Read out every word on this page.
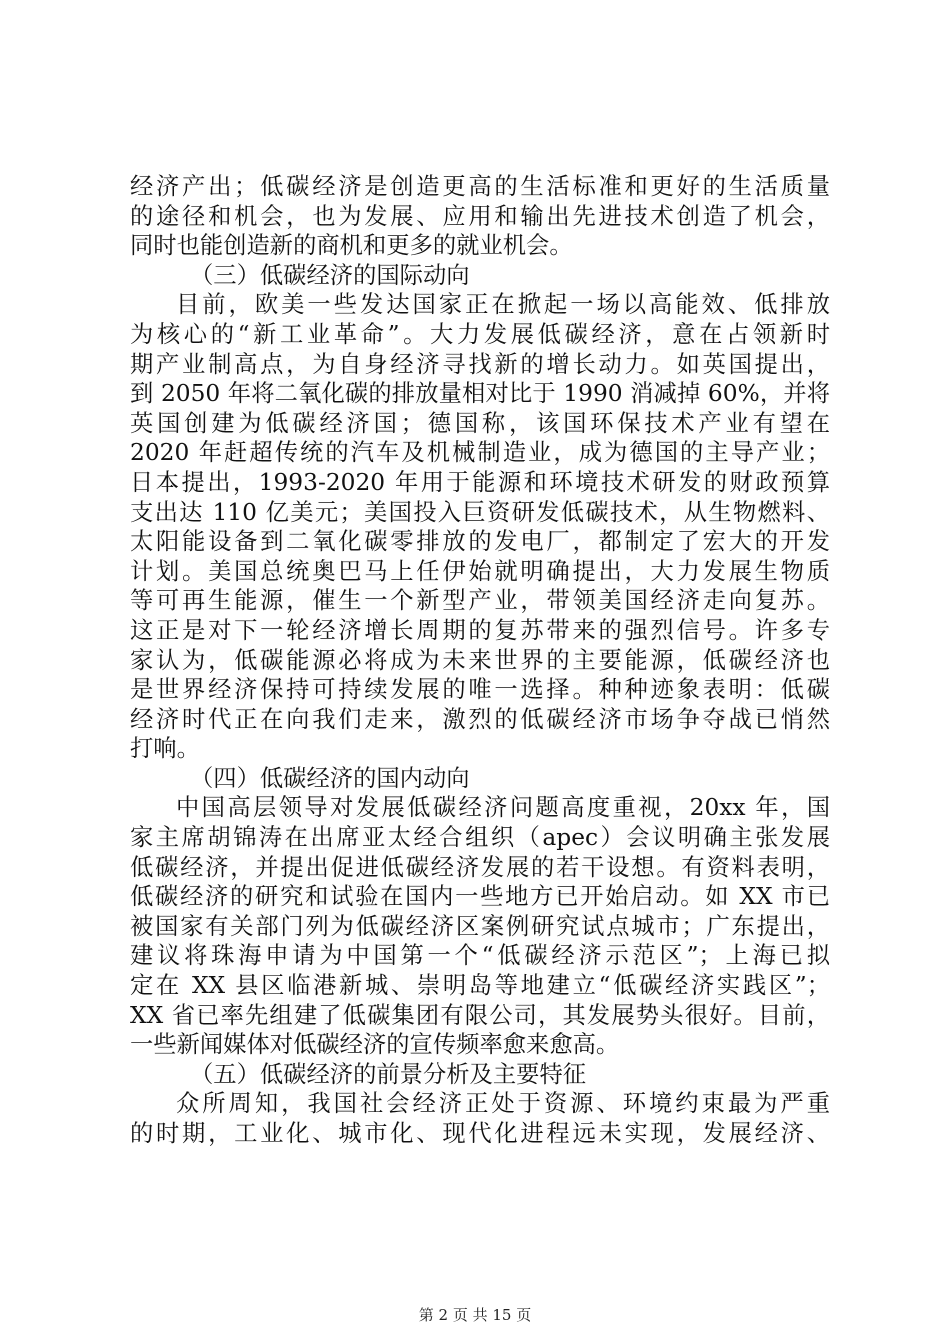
经济产出；低碳经济是创造更高的生活标准和更好的生活质量
的途径和机会，也为发展、应用和输出先进技术创造了机会，
同时也能创造新的商机和更多的就业机会。
（三）低碳经济的国际动向
目前，欧美一些发达国家正在掀起一场以高能效、低排放
为核心的“新工业革命”。大力发展低碳经济，意在占领新时
期产业制高点，为自身经济寻找新的增长动力。如英国提出，
到 2050 年将二氧化碳的排放量相对比于 1990 消减掉 60%，并将
英国创建为低碳经济国；德国称，该国环保技术产业有望在
2020 年赶超传统的汽车及机械制造业，成为德国的主导产业；
日本提出，1993-2020 年用于能源和环境技术研发的财政预算
支出达 110 亿美元；美国投入巨资研发低碳技术，从生物燃料、
太阳能设备到二氧化碳零排放的发电厂，都制定了宏大的开发
计划。美国总统奥巴马上任伊始就明确提出，大力发展生物质
等可再生能源，催生一个新型产业，带领美国经济走向复苏。
这正是对下一轮经济增长周期的复苏带来的强烈信号。许多专
家认为，低碳能源必将成为未来世界的主要能源，低碳经济也
是世界经济保持可持续发展的唯一选择。种种迹象表明：低碳
经济时代正在向我们走来，激烈的低碳经济市场争夺战已悄然
打响。
（四）低碳经济的国内动向
中国高层领导对发展低碳经济问题高度重视，20xx 年，国
家主席胡锦涛在出席亚太经合组织（apec）会议明确主张发展
低碳经济，并提出促进低碳经济发展的若干设想。有资料表明，
低碳经济的研究和试验在国内一些地方已开始启动。如 XX 市已
被国家有关部门列为低碳经济区案例研究试点城市；广东提出，
建议将珠海申请为中国第一个“低碳经济示范区”；上海已拟
定在 XX 县区临港新城、崇明岛等地建立“低碳经济实践区”；
XX 省已率先组建了低碳集团有限公司，其发展势头很好。目前，
一些新闻媒体对低碳经济的宣传频率愈来愈高。
（五）低碳经济的前景分析及主要特征
众所周知，我国社会经济正处于资源、环境约束最为严重
的时期，工业化、城市化、现代化进程远未实现，发展经济、
第 2 页 共 15 页
